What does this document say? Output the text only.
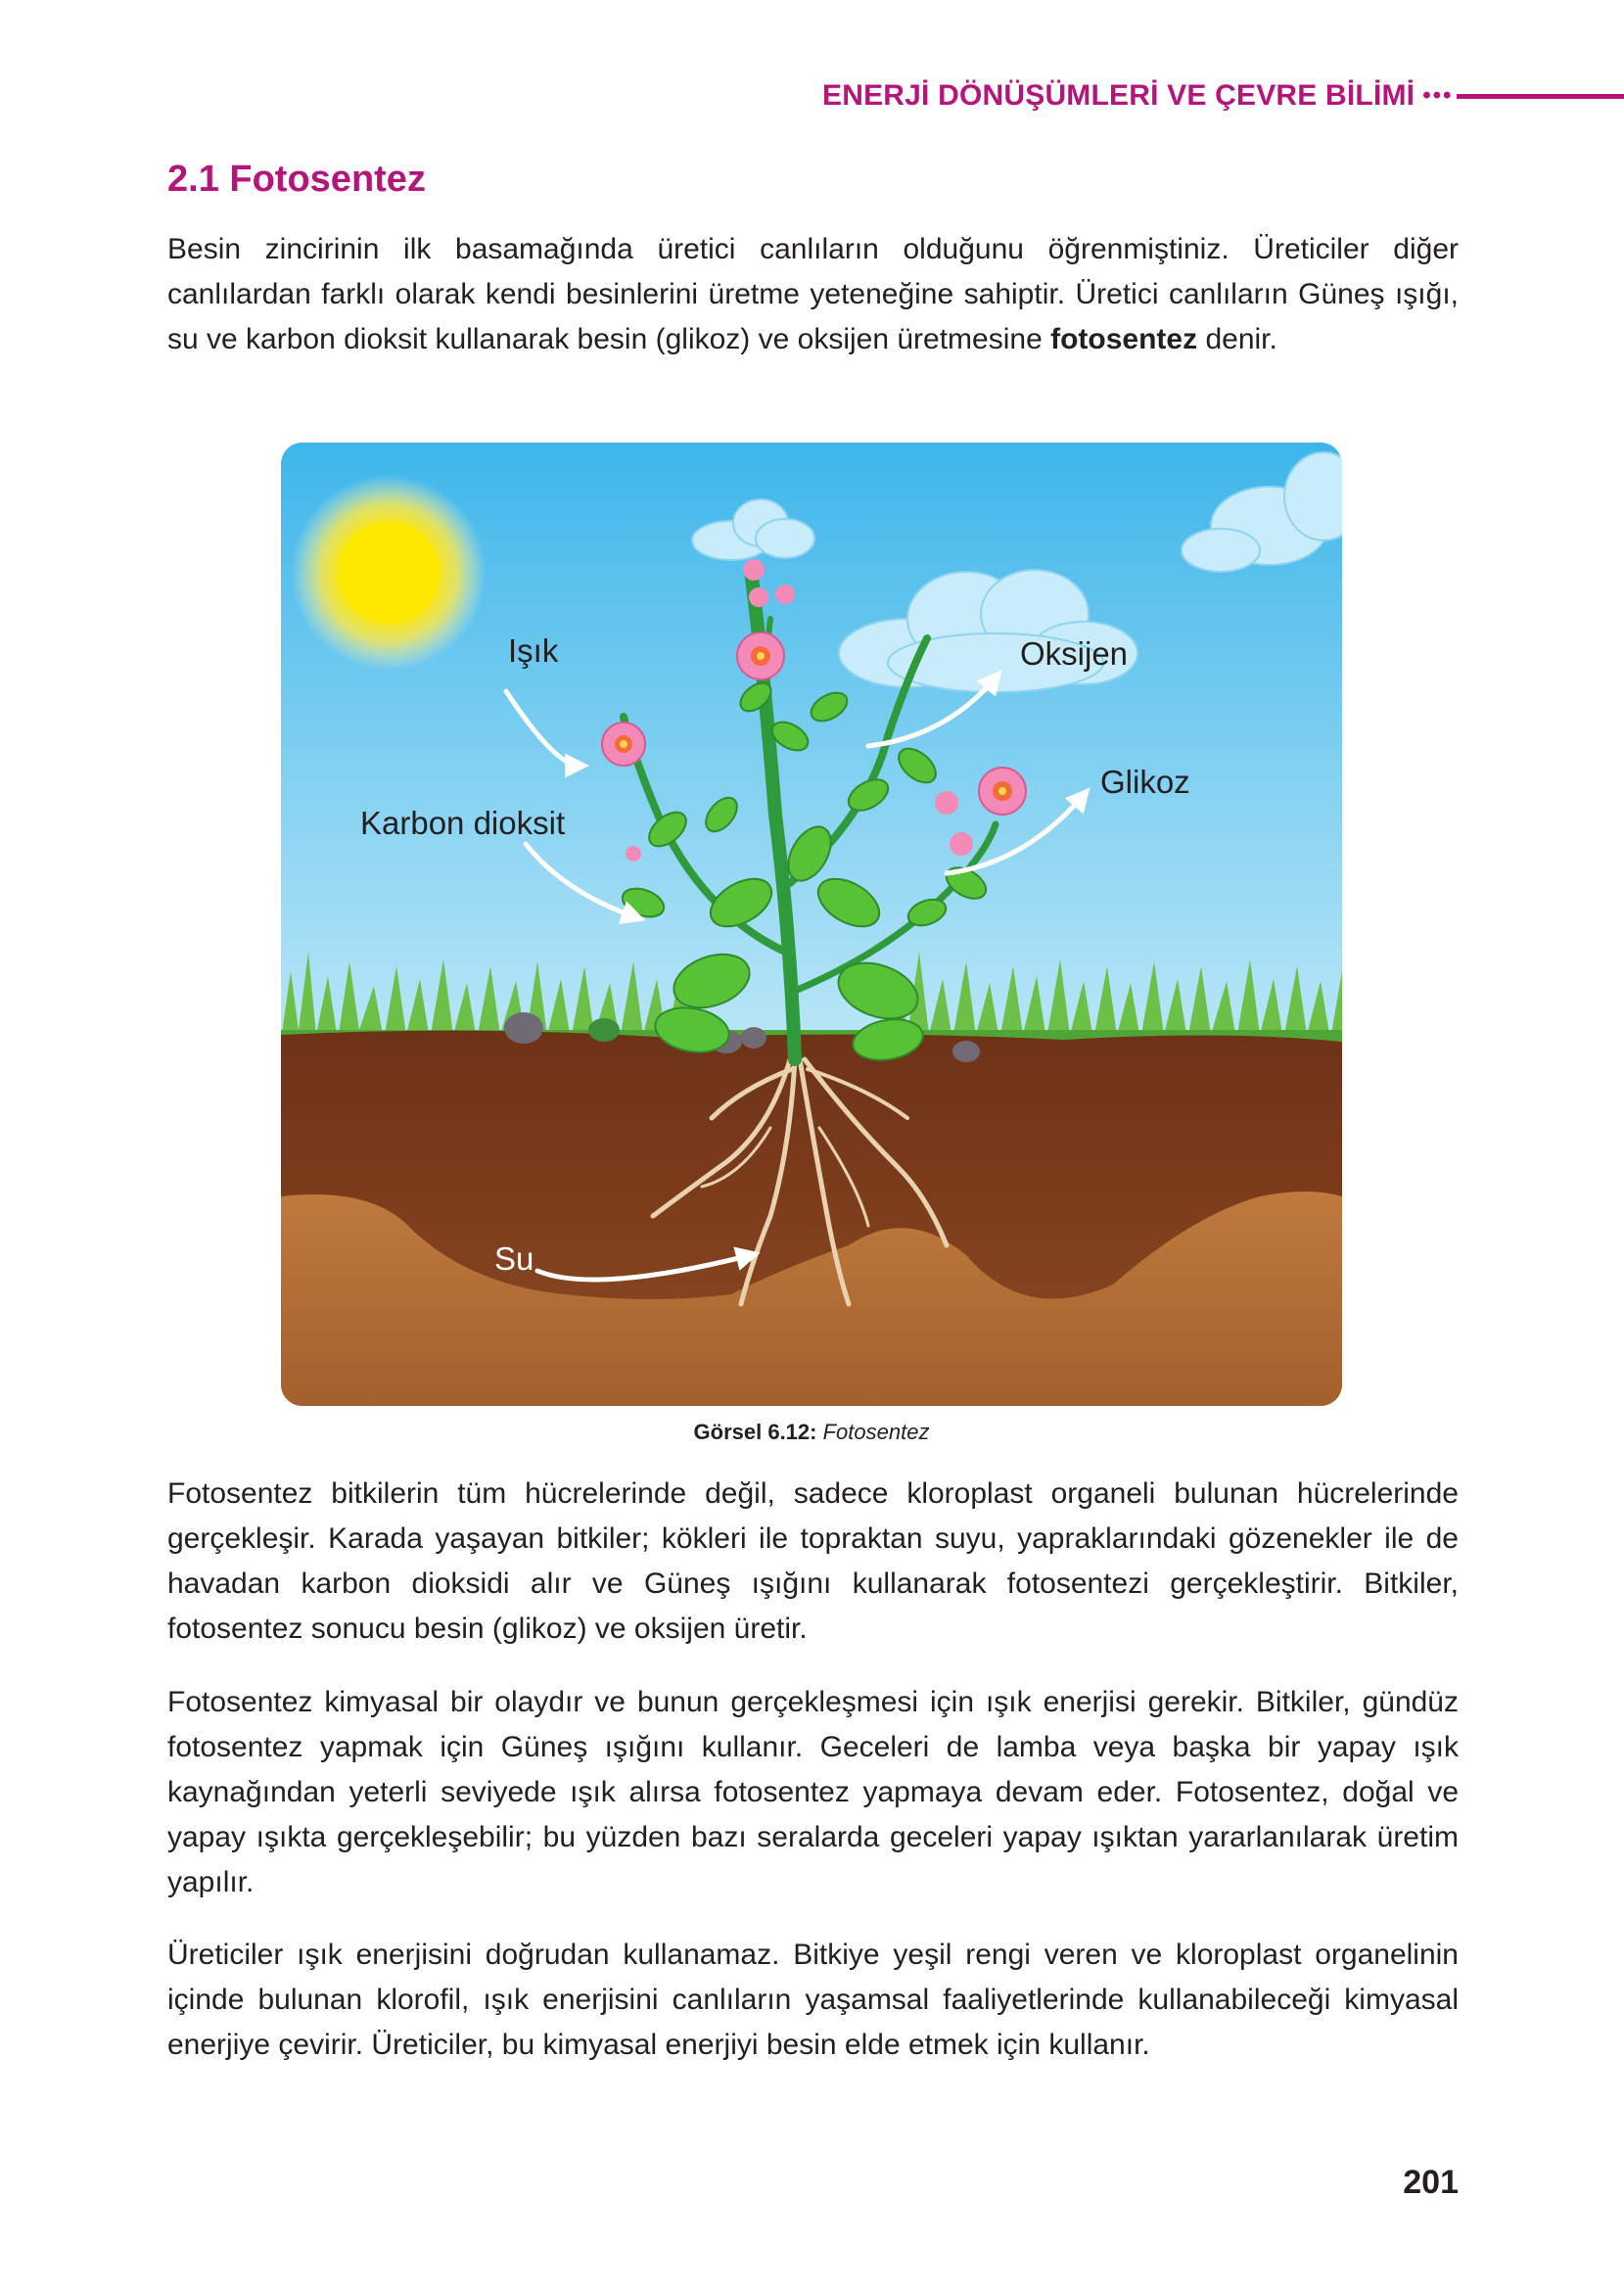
ENERJİ DÖNÜŞÜMLERİ VE ÇEVRE BİLİMİ •••
2.1 Fotosentez

Besin zincirinin ilk basamağında üretici canlıların olduğunu öğrenmiştiniz. Üreticiler diğer canlılardan farklı olarak kendi besinlerini üretme yeteneğine sahiptir. Üretici canlıların Güneş ışığı, su ve karbon dioksit kullanarak besin (glikoz) ve oksijen üretmesine fotosentez denir.

Işık	Oksijen
Glikoz
Karbon dioksit
Su
Görsel 6.12: Fotosentez

Fotosentez bitkilerin tüm hücrelerinde değil, sadece kloroplast organeli bulunan hücrelerinde gerçekleşir. Karada yaşayan bitkiler; kökleri ile topraktan suyu, yapraklarındaki gözenekler ile de havadan karbon dioksidi alır ve Güneş ışığını kullanarak fotosentezi gerçekleştirir. Bitkiler, fotosentez sonucu besin (glikoz) ve oksijen üretir.

Fotosentez kimyasal bir olaydır ve bunun gerçekleşmesi için ışık enerjisi gerekir. Bitkiler, gündüz fotosentez yapmak için Güneş ışığını kullanır. Geceleri de lamba veya başka bir yapay ışık kaynağından yeterli seviyede ışık alırsa fotosentez yapmaya devam eder. Fotosentez, doğal ve yapay ışıkta gerçekleşebilir; bu yüzden bazı seralarda geceleri yapay ışıktan yararlanılarak üretim yapılır.

Üreticiler ışık enerjisini doğrudan kullanamaz. Bitkiye yeşil rengi veren ve kloroplast organelinin içinde bulunan klorofil, ışık enerjisini canlıların yaşamsal faaliyetlerinde kullanabileceği kimyasal enerjiye çevirir. Üreticiler, bu kimyasal enerjiyi besin elde etmek için kullanır.

201
